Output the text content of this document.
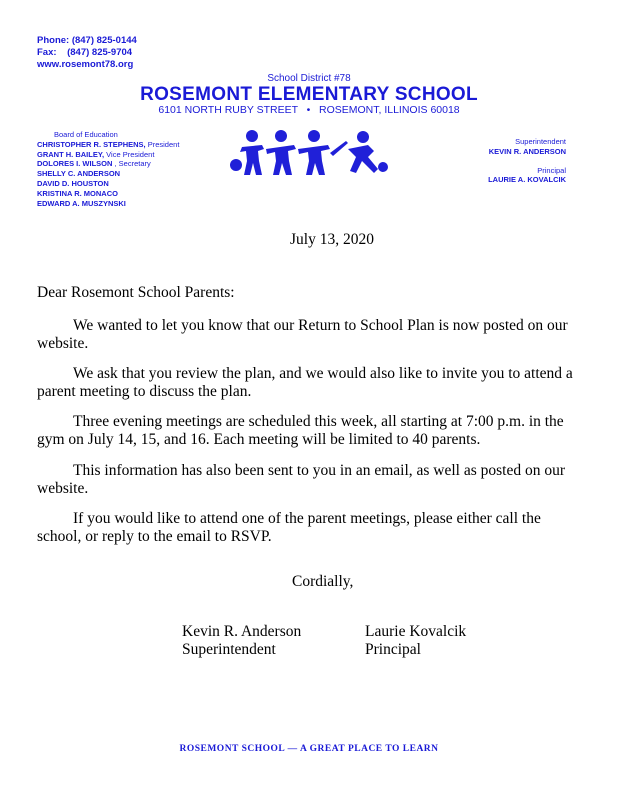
Phone: (847) 825-0144
Fax:    (847) 825-9704
www.rosemont78.org
School District #78
ROSEMONT ELEMENTARY SCHOOL
6101 NORTH RUBY STREET   •   ROSEMONT, ILLINOIS 60018
Board of Education
CHRISTOPHER R. STEPHENS, President
GRANT H. BAILEY, Vice President
DOLORES I. WILSON , Secretary
SHELLY C. ANDERSON
DAVID D. HOUSTON
KRISTINA R. MONACO
EDWARD A. MUSZYNSKI
Superintendent
KEVIN R. ANDERSON
Principal
LAURIE A. KOVALCIK
July 13, 2020
Dear Rosemont School Parents:

We wanted to let you know that our Return to School Plan is now posted on our website.

We ask that you review the plan, and we would also like to invite you to attend a parent meeting to discuss the plan.

Three evening meetings are scheduled this week, all starting at 7:00 p.m. in the gym on July 14, 15, and 16. Each meeting will be limited to 40 parents.

This information has also been sent to you in an email, as well as posted on our website.

If you would like to attend one of the parent meetings, please either call the school, or reply to the email to RSVP.

Cordially,
Kevin R. Anderson
Superintendent
Laurie Kovalcik
Principal
ROSEMONT SCHOOL — A GREAT PLACE TO LEARN
